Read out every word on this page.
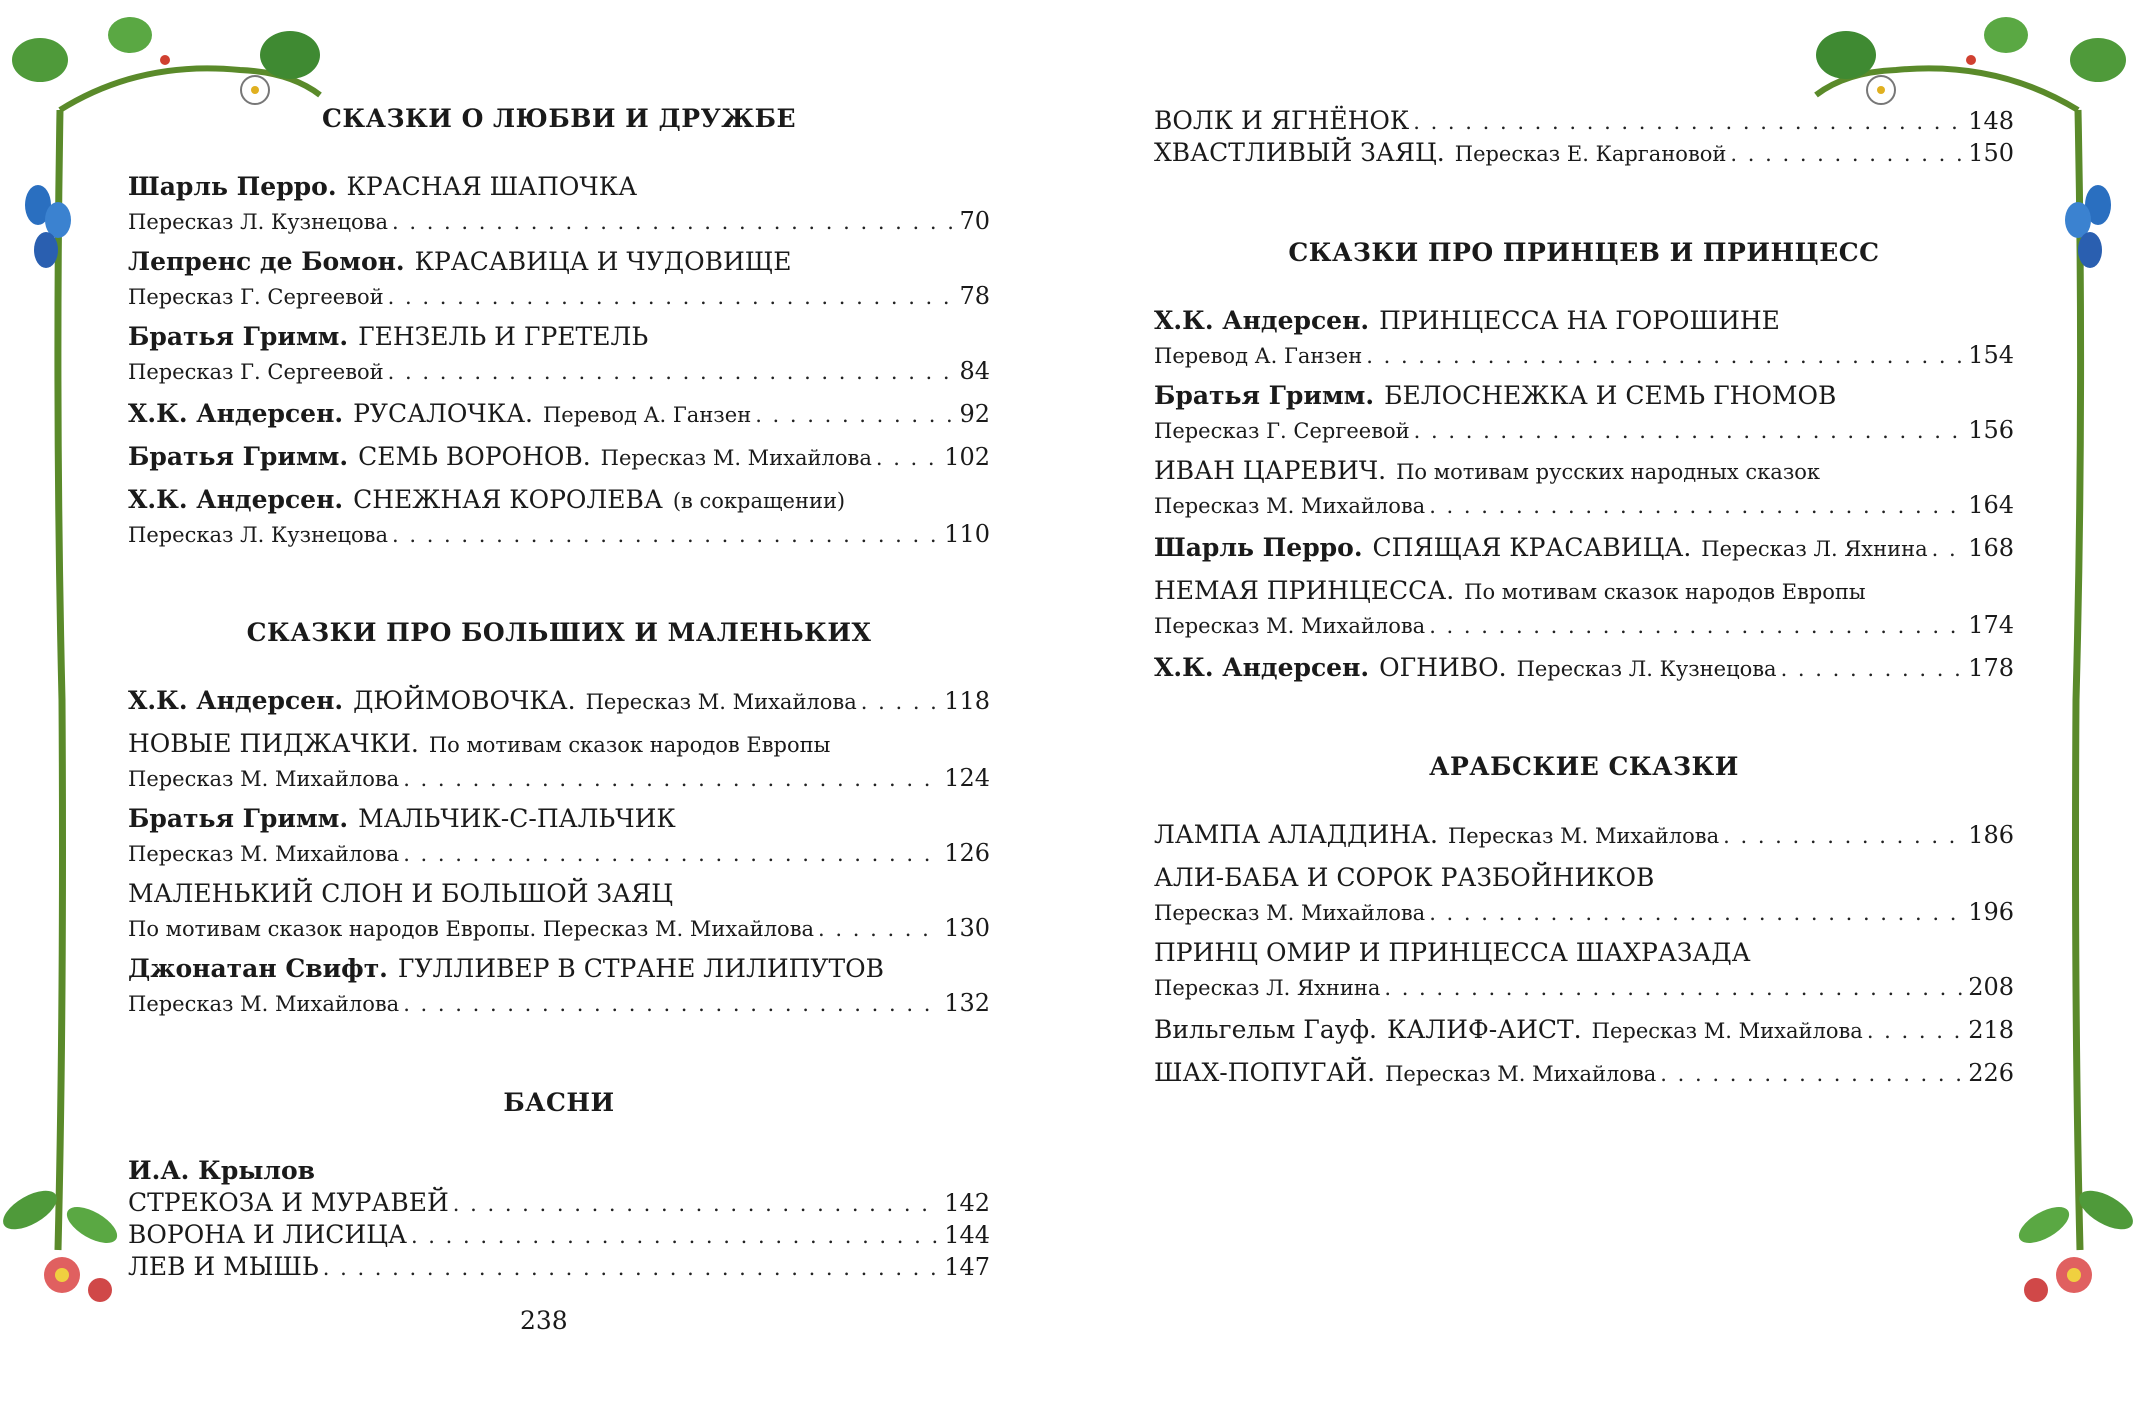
СКАЗКИ О ЛЮБВИ И ДРУЖБЕ
Шарль Перро. КРАСНАЯ ШАПОЧКА
Пересказ Л. Кузнецова . . .	70
Лепренс де Бомон. КРАСАВИЦА И ЧУДОВИЩЕ
Пересказ Г. Сергеевой . . .	78
Братья Гримм. ГЕНЗЕЛЬ И ГРЕТЕЛЬ
Пересказ Г. Сергеевой . . .	84
Х.К. Андерсен. РУСАЛОЧКА. Перевод А. Ганзен . . .	92
Братья Гримм. СЕМЬ ВОРОНОВ. Пересказ М. Михайлова . . .	102
Х.К. Андерсен. СНЕЖНАЯ КОРОЛЕВА (в сокращении)
Пересказ Л. Кузнецова . . .	110
СКАЗКИ ПРО БОЛЬШИХ И МАЛЕНЬКИХ
Х.К. Андерсен. ДЮЙМОВОЧКА. Пересказ М. Михайлова . . .	118
НОВЫЕ ПИДЖАЧКИ. По мотивам сказок народов Европы
Пересказ М. Михайлова . . .	124
Братья Гримм. МАЛЬЧИК-С-ПАЛЬЧИК
Пересказ М. Михайлова . . .	126
МАЛЕНЬКИЙ СЛОН И БОЛЬШОЙ ЗАЯЦ
По мотивам сказок народов Европы. Пересказ М. Михайлова . . .	130
Джонатан Свифт. ГУЛЛИВЕР В СТРАНЕ ЛИЛИПУТОВ
Пересказ М. Михайлова . . .	132
БАСНИ
И.А. Крылов
СТРЕКОЗА И МУРАВЕЙ . . .	142
ВОРОНА И ЛИСИЦА . . .	144
ЛЕВ И МЫШЬ . . .	147
238
ВОЛК И ЯГНЁНОК . . .	148
ХВАСТЛИВЫЙ ЗАЯЦ. Пересказ Е. Каргановой . . .	150
СКАЗКИ ПРО ПРИНЦЕВ И ПРИНЦЕСС
Х.К. Андерсен. ПРИНЦЕССА НА ГОРОШИНЕ
Перевод А. Ганзен . . .	154
Братья Гримм. БЕЛОСНЕЖКА И СЕМЬ ГНОМОВ
Пересказ Г. Сергеевой . . .	156
ИВАН ЦАРЕВИЧ. По мотивам русских народных сказок
Пересказ М. Михайлова . . .	164
Шарль Перро. СПЯЩАЯ КРАСАВИЦА. Пересказ Л. Яхнина . . . 168
НЕМАЯ ПРИНЦЕССА. По мотивам сказок народов Европы
Пересказ М. Михайлова . . .	174
Х.К. Андерсен. ОГНИВО. Пересказ Л. Кузнецова . . .	178
АРАБСКИЕ СКАЗКИ
ЛАМПА АЛАДДИНА. Пересказ М. Михайлова . . .	186
АЛИ-БАБА И СОРОК РАЗБОЙНИКОВ
Пересказ М. Михайлова . . .	196
ПРИНЦ ОМИР И ПРИНЦЕССА ШАХРАЗАДА
Пересказ Л. Яхнина . . .	208
Вильгельм Гауф. КАЛИФ-АИСТ. Пересказ М. Михайлова . . .	218
ШАХ-ПОПУГАЙ. Пересказ М. Михайлова . . .	226
